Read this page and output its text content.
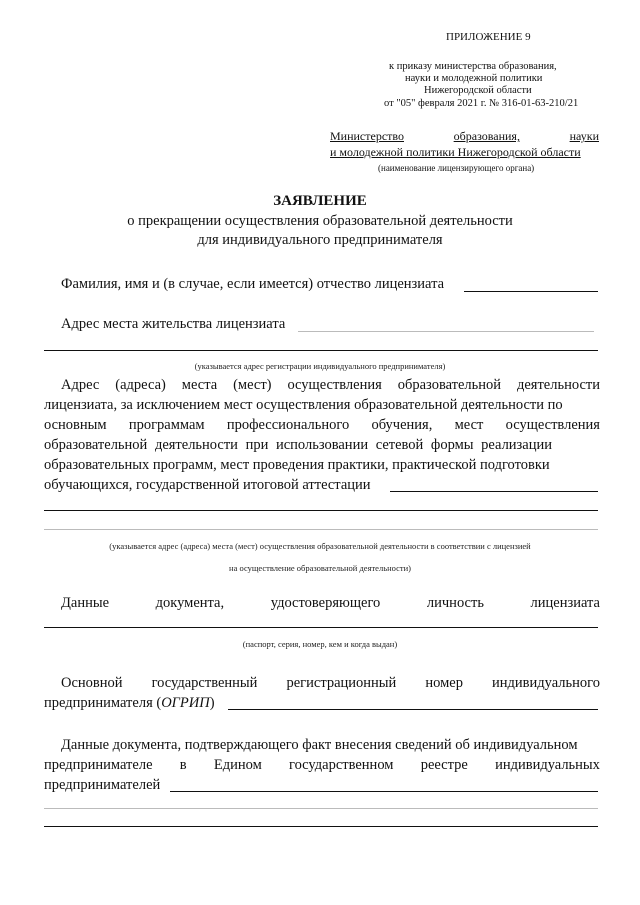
ПРИЛОЖЕНИЕ 9
к приказу министерства образования,
науки и молодежной политики
Нижегородской области
от "05" февраля 2021 г. № 316-01-63-210/21
Министерство	образования,	науки
и молодежной политики Нижегородской области
(наименование лицензирующего органа)
ЗАЯВЛЕНИЕ
о прекращении осуществления образовательной деятельности
для индивидуального предпринимателя
Фамилия, имя и (в случае, если имеется) отчество лицензиата
Адрес места жительства лицензиата
(указывается адрес регистрации индивидуального предпринимателя)
Адрес (адреса) места (мест) осуществления образовательной деятельности
лицензиата, за исключением мест осуществления образовательной деятельности по
основным программам профессионального обучения, мест осуществления
образовательной деятельности при использовании сетевой формы реализации
образовательных программ, мест проведения практики, практической подготовки
обучающихся, государственной итоговой аттестации
(указывается адрес (адреса) места (мест) осуществления образовательной деятельности в соответствии с лицензией
на осуществление образовательной деятельности)
Данные	документа,	удостоверяющего	личность	лицензиата
(паспорт, серия, номер, кем и когда выдан)
Основной государственный регистрационный номер индивидуального
предпринимателя (ОГРИП)
Данные документа, подтверждающего факт внесения сведений об индивидуальном
предпринимателе в Едином государственном реестре индивидуальных
предпринимателей
